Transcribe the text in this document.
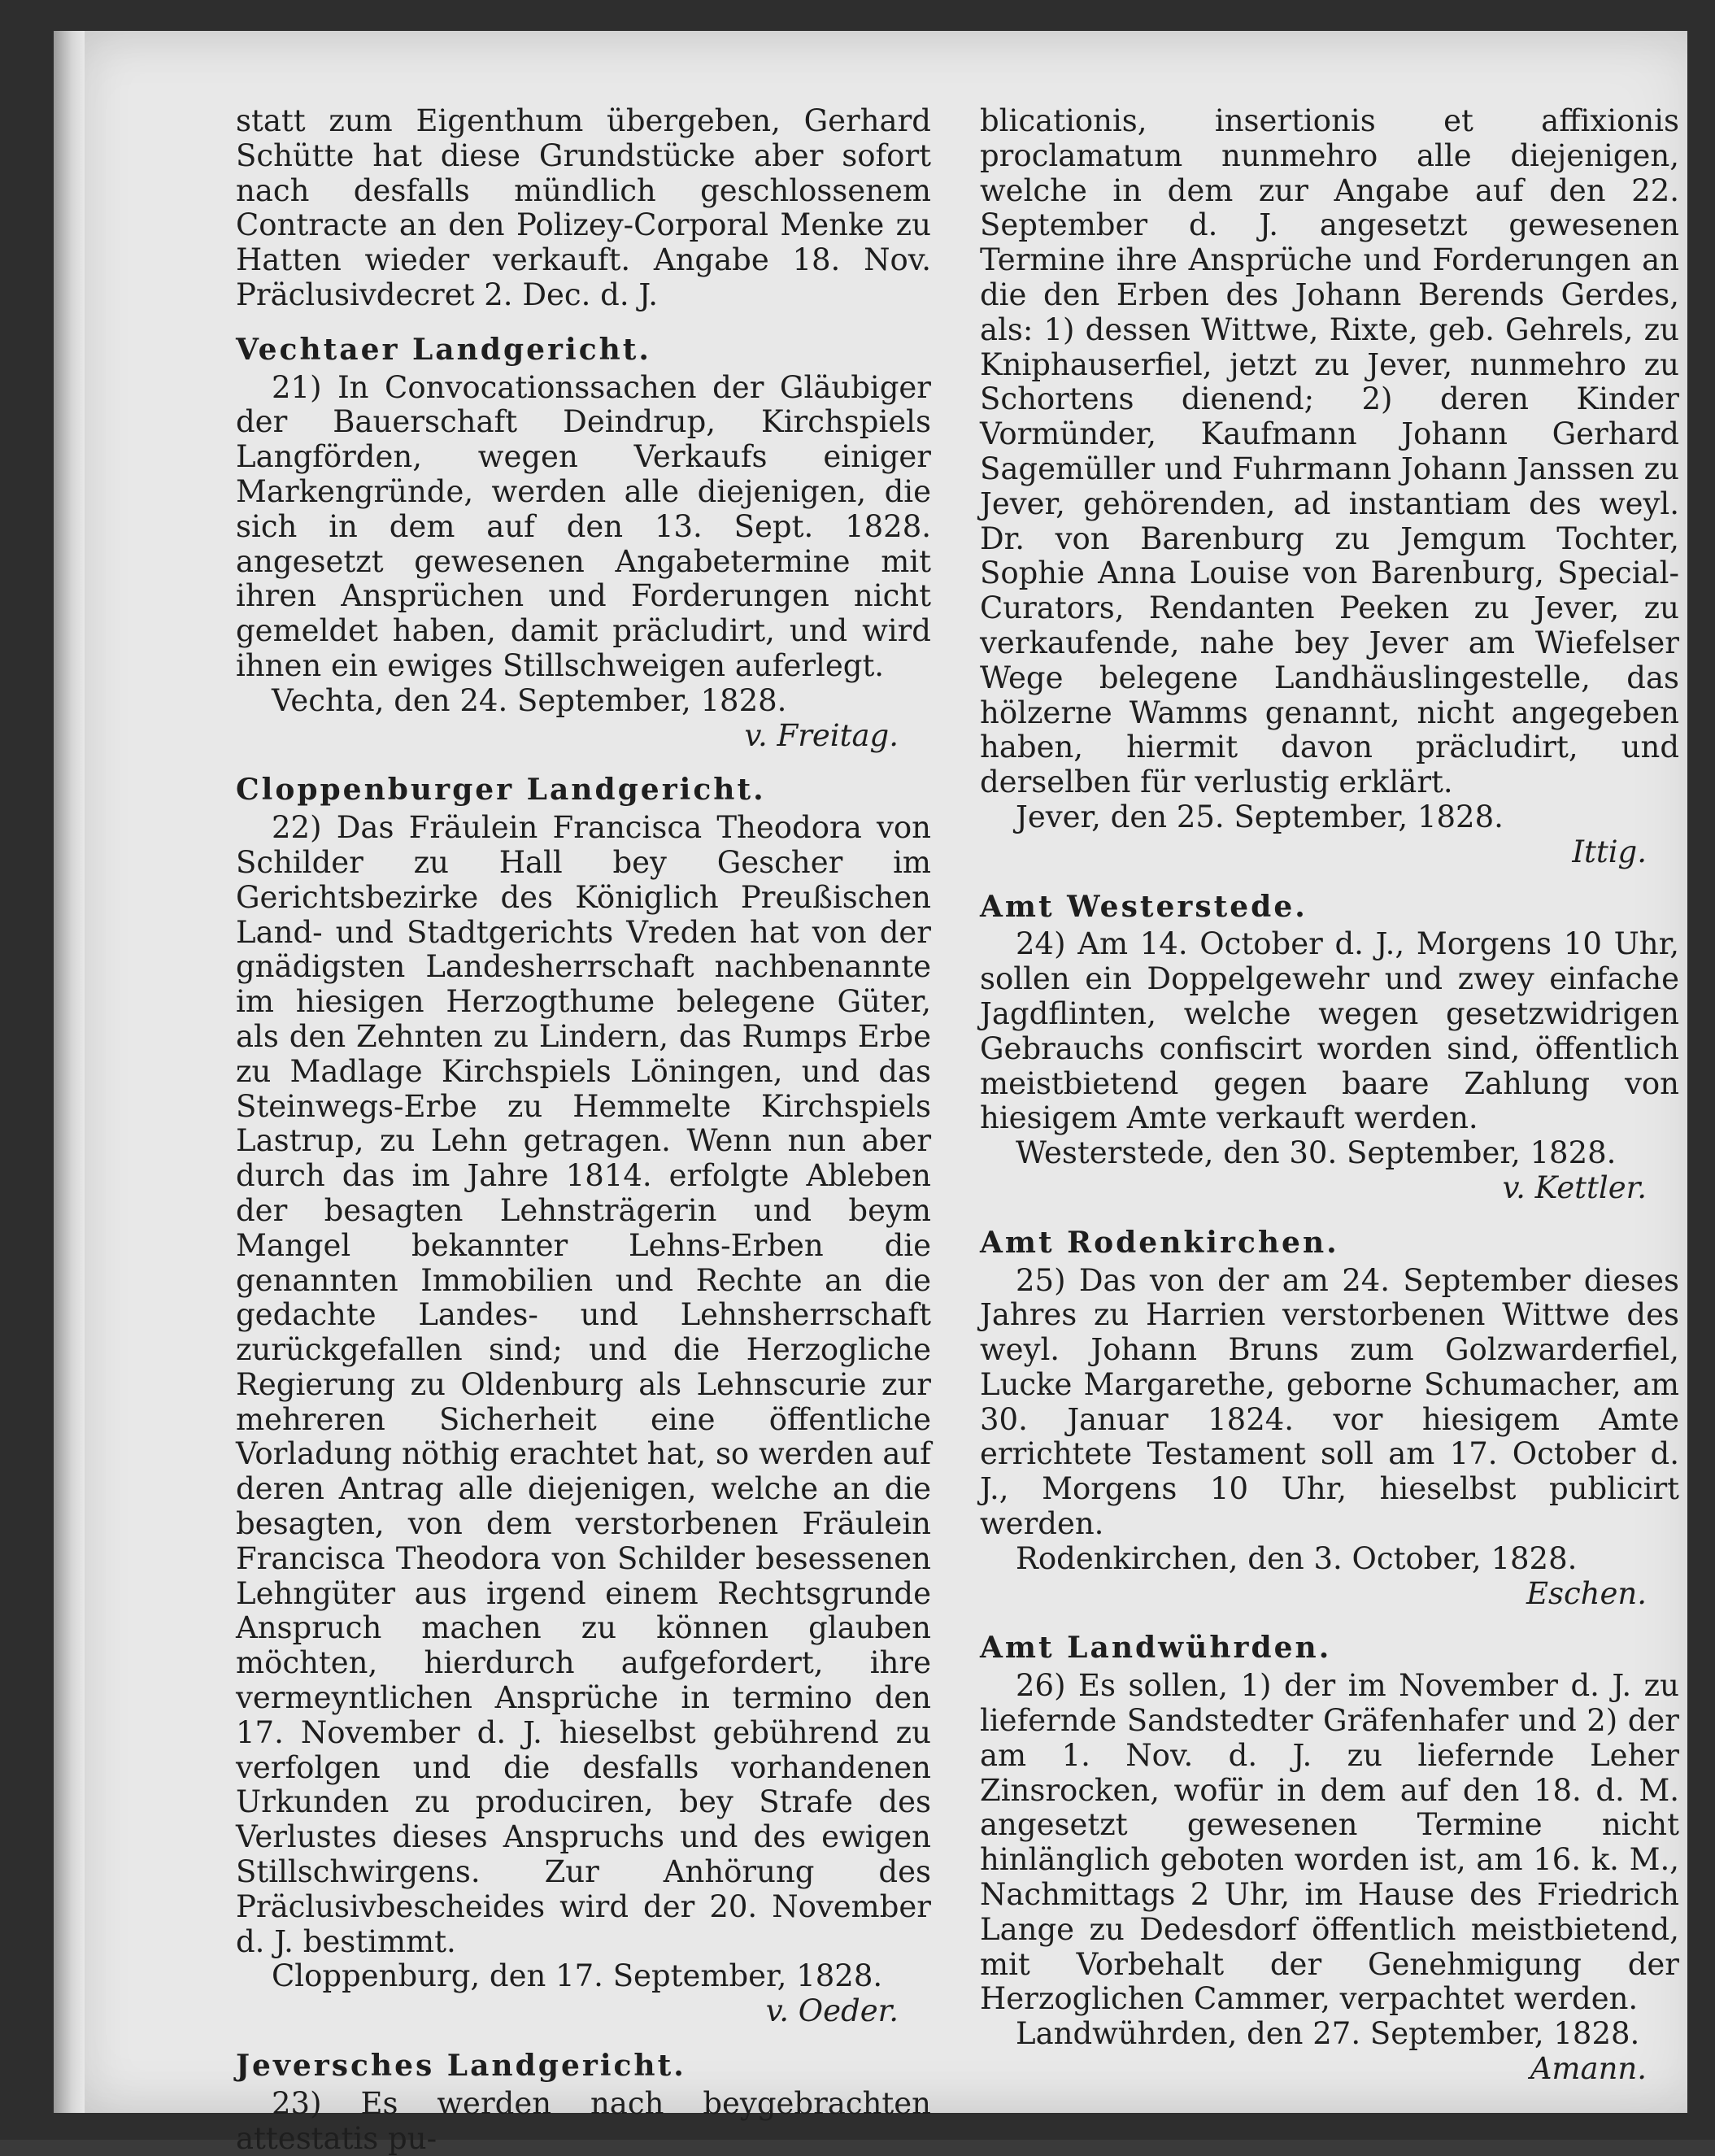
statt zum Eigenthum übergeben, Gerhard Schütte hat diese Grundstücke aber sofort nach desfalls mündlich geschlossenem Contracte an den Polizey-Corporal Menke zu Hatten wieder verkauft. Angabe 18. Nov. Präclusivdecret 2. Dec. d. J.

Vechtaer Landgericht.

21) In Convocationssachen der Gläubiger der Bauerschaft Deindrup, Kirchspiels Langförden, wegen Verkaufs einiger Markengründe, werden alle diejenigen, die sich in dem auf den 13. Sept. 1828. angesetzt gewesenen Angabetermine mit ihren Ansprüchen und Forderungen nicht gemeldet haben, damit präcludirt, und wird ihnen ein ewiges Stillschweigen auferlegt.

Vechta, den 24. September, 1828.

v. Freitag.

Cloppenburger Landgericht.

22) Das Fräulein Francisca Theodora von Schilder zu Hall bey Gescher im Gerichtsbezirke des Königlich Preußischen Land- und Stadtgerichts Vreden hat von der gnädigsten Landesherrschaft nachbenannte im hiesigen Herzogthume belegene Güter, als den Zehnten zu Lindern, das Rumps Erbe zu Madlage Kirchspiels Löningen, und das Steinwegs-Erbe zu Hemmelte Kirchspiels Lastrup, zu Lehn getragen. Wenn nun aber durch das im Jahre 1814. erfolgte Ableben der besagten Lehnsträgerin und beym Mangel bekannter Lehns-Erben die genannten Immobilien und Rechte an die gedachte Landes- und Lehnsherrschaft zurückgefallen sind; und die Herzogliche Regierung zu Oldenburg als Lehnscurie zur mehreren Sicherheit eine öffentliche Vorladung nöthig erachtet hat, so werden auf deren Antrag alle diejenigen, welche an die besagten, von dem verstorbenen Fräulein Francisca Theodora von Schilder besessenen Lehngüter aus irgend einem Rechtsgrunde Anspruch machen zu können glauben möchten, hierdurch aufgefordert, ihre vermeyntlichen Ansprüche in termino den 17. November d. J. hieselbst gebührend zu verfolgen und die desfalls vorhandenen Urkunden zu produciren, bey Strafe des Verlustes dieses Anspruchs und des ewigen Stillschwirgens. Zur Anhörung des Präclusivbescheides wird der 20. November d. J. bestimmt.

Cloppenburg, den 17. September, 1828.

v. Oeder.

Jeversches Landgericht.

23) Es werden nach beygebrachten attestatis pu-

blicationis, insertionis et affixionis proclamatum nunmehro alle diejenigen, welche in dem zur Angabe auf den 22. September d. J. angesetzt gewesenen Termine ihre Ansprüche und Forderungen an die den Erben des Johann Berends Gerdes, als: 1) dessen Wittwe, Rixte, geb. Gehrels, zu Kniphauserfiel, jetzt zu Jever, nunmehro zu Schortens dienend; 2) deren Kinder Vormünder, Kaufmann Johann Gerhard Sagemüller und Fuhrmann Johann Janssen zu Jever, gehörenden, ad instantiam des weyl. Dr. von Barenburg zu Jemgum Tochter, Sophie Anna Louise von Barenburg, Special-Curators, Rendanten Peeken zu Jever, zu verkaufende, nahe bey Jever am Wiefelser Wege belegene Landhäuslingestelle, das hölzerne Wamms genannt, nicht angegeben haben, hiermit davon präcludirt, und derselben für verlustig erklärt.

Jever, den 25. September, 1828.

Ittig.

Amt Westerstede.

24) Am 14. October d. J., Morgens 10 Uhr, sollen ein Doppelgewehr und zwey einfache Jagdflinten, welche wegen gesetzwidrigen Gebrauchs confiscirt worden sind, öffentlich meistbietend gegen baare Zahlung von hiesigem Amte verkauft werden.

Westerstede, den 30. September, 1828.

v. Kettler.

Amt Rodenkirchen.

25) Das von der am 24. September dieses Jahres zu Harrien verstorbenen Wittwe des weyl. Johann Bruns zum Golzwarderfiel, Lucke Margarethe, geborne Schumacher, am 30. Januar 1824. vor hiesigem Amte errichtete Testament soll am 17. October d. J., Morgens 10 Uhr, hieselbst publicirt werden.

Rodenkirchen, den 3. October, 1828.

Eschen.

Amt Landwührden.

26) Es sollen, 1) der im November d. J. zu liefernde Sandstedter Gräfenhafer und 2) der am 1. Nov. d. J. zu liefernde Leher Zinsrocken, wofür in dem auf den 18. d. M. angesetzt gewesenen Termine nicht hinlänglich geboten worden ist, am 16. k. M., Nachmittags 2 Uhr, im Hause des Friedrich Lange zu Dedesdorf öffentlich meistbietend, mit Vorbehalt der Genehmigung der Herzoglichen Cammer, verpachtet werden.

Landwührden, den 27. September, 1828.

Amann.
